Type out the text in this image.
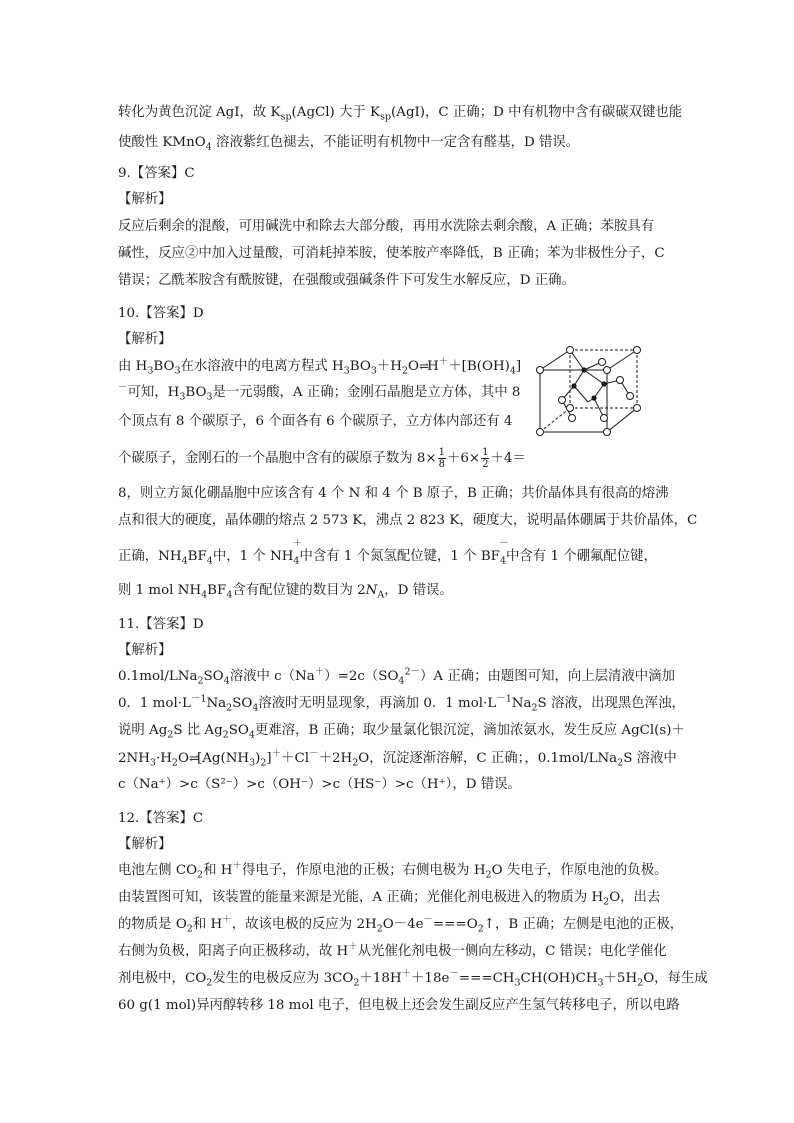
转化为黄色沉淀 AgI，故 $K_{sp}(AgCl)$ 大于 $K_{sp}(AgI)$，C 正确；D 中有机物中含有碳碳双键也能
使酸性 KMnO$_4$ 溶液紫红色褪去，不能证明有机物中一定含有醛基，D 错误。
9.【答案】C
【解析】
反应后剩余的混酸，可用碱洗中和除去大部分酸，再用水洗除去剩余酸，A 正确；苯胺具有
碱性，反应②中加入过量酸，可消耗掉苯胺，使苯胺产率降低，B 正确；苯为非极性分子，C
错误；乙酰苯胺含有酰胺键，在强酸或强碱条件下可发生水解反应，D 正确。
10.【答案】D
【解析】
由 $H_3BO_3$在水溶液中的电离方程式 $H_3BO_3+H_2O\rightleftharpoons H^++[B(OH)_4]$
－可知，$H_3BO_3$是一元弱酸，A 正确；金刚石晶胞是立方体，其中 8
个顶点有 8 个碳原子，6 个面各有 6 个碳原子，立方体内部还有 4
个碳原子，金刚石的一个晶胞中含有的碳原子数为 $8\times \frac{1}{8} +6\times \frac{1}{2} +4=$
8，则立方氮化硼晶胞中应该含有 4 个 N 和 4 个 B 原子，B 正确；共价晶体具有很高的熔沸
点和很大的硬度，晶体硼的熔点 2 573 K，沸点 2 823 K，硬度大，说明晶体硼属于共价晶体，C
正确，$NH_4BF_4$中，1 个 NH
＋
$_4$中含有 1 个氮氢配位键，1 个 BF
－
$_4$中含有 1 个硼氟配位键，
则 1 mol $NH_4BF_4$含有配位键的数目为 $2N_A$，D 错误。
11.【答案】D
【解析】
$0.1mol/LNa_2SO_4$溶液中 $c(Na^+)=2c(SO_4^{2-})A$ 正确；由题图可知，向上层清液中滴加
0．1 $mol\cdot L^{-1}Na_2SO_4$溶液时无明显现象，再滴加 0．1 $mol\cdot L^{-1}Na_2S$ 溶液，出现黑色浑浊，
说明 $Ag_2S$ 比 $Ag_2SO_4$更难溶，B 正确；取少量氯化银沉淀，滴加浓氨水，发生反应 AgCl(s)＋
$2NH_3\cdot H_2O\rightleftharpoons[Ag(NH_3)_2]^++Cl^-+2H_2O$，沉淀逐渐溶解，C 正确；，0.1mol/LNa$_2$S 溶液中
c（Na⁺）>c（S²⁻）>c（OH⁻）>c（HS⁻）>c（H⁺），D 错误。
12.【答案】C
【解析】
电池左侧 $CO_2$和 H＋得电子，作原电池的正极；右侧电极为 $H_2O$ 失电子，作原电池的负极。
由装置图可知，该装置的能量来源是光能，A 正确；光催化剂电极进入的物质为 $H_2O$，出去
的物质是 $O_2$和 H＋，故该电极的反应为 $2H_2O-4e^-===O_2↑$，B 正确；左侧是电池的正极，
右侧为负极，阳离子向正极移动，故 H＋从光催化剂电极一侧向左移动，C 错误；电化学催化
剂电极中，$CO_2$发生的电极反应为 $3CO_2+18H^++18e^-===CH_3CH(OH)CH_3+5H_2O$，每生成
60 g(1 mol)异丙醇转移 18 mol 电子，但电极上还会发生副反应产生氢气转移电子，所以电路
